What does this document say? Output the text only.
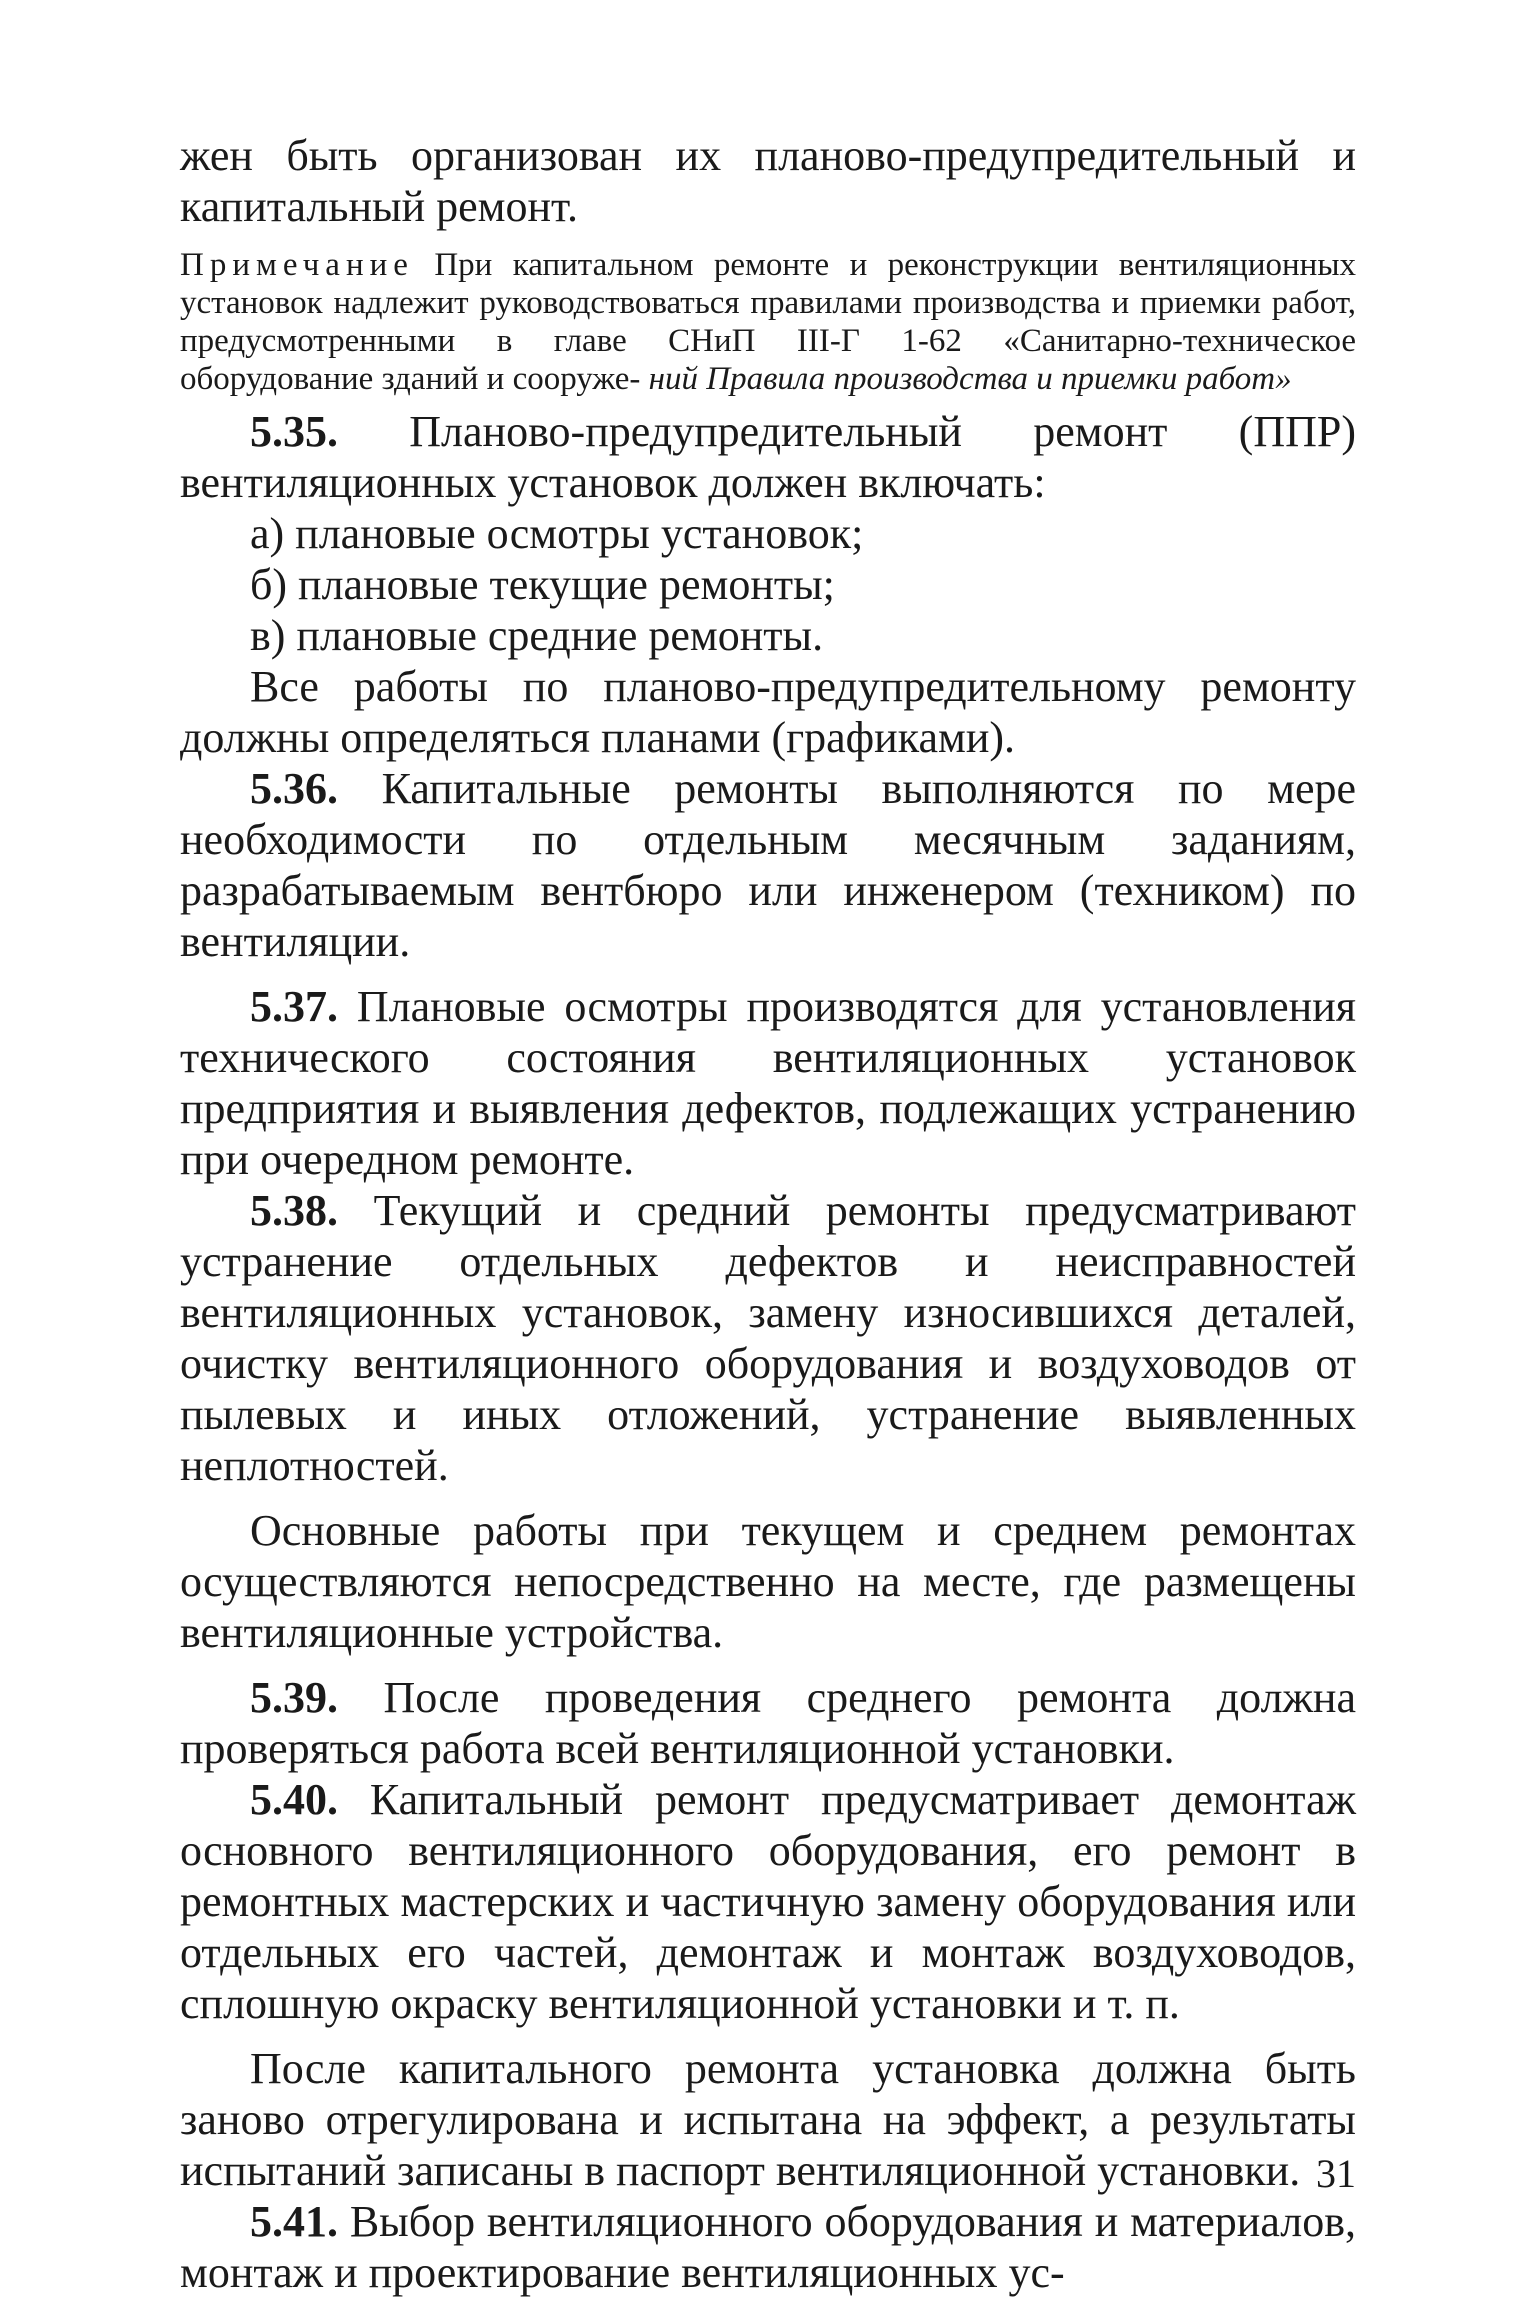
жен быть организован их планово-предупредительный и капитальный ремонт.

Примечание При капитальном ремонте и реконструкции вентиляционных установок надлежит руководствоваться правилами производства и приемки работ, предусмотренными в главе СНиП III-Г 1-62 «Санитарно-техническое оборудование зданий и сооруже- ний Правила производства и приемки работ»

5.35. Планово-предупредительный ремонт (ППР) вентиляционных установок должен включать:

а) плановые осмотры установок;
б) плановые текущие ремонты;
в) плановые средние ремонты.

Все работы по планово-предупредительному ремонту должны определяться планами (графиками).

5.36. Капитальные ремонты выполняются по мере необходимости по отдельным месячным заданиям, разрабатываемым вентбюро или инженером (техником) по вентиляции.

5.37. Плановые осмотры производятся для установления технического состояния вентиляционных установок предприятия и выявления дефектов, подлежащих устранению при очередном ремонте.

5.38. Текущий и средний ремонты предусматривают устранение отдельных дефектов и неисправностей вентиляционных установок, замену износившихся деталей, очистку вентиляционного оборудования и воздуховодов от пылевых и иных отложений, устранение выявленных неплотностей.

Основные работы при текущем и среднем ремонтах осуществляются непосредственно на месте, где размещены вентиляционные устройства.

5.39. После проведения среднего ремонта должна проверяться работа всей вентиляционной установки.

5.40. Капитальный ремонт предусматривает демонтаж основного вентиляционного оборудования, его ремонт в ремонтных мастерских и частичную замену оборудования или отдельных его частей, демонтаж и монтаж воздуховодов, сплошную окраску вентиляционной установки и т. п.

После капитального ремонта установка должна быть заново отрегулирована и испытана на эффект, а результаты испытаний записаны в паспорт вентиляционной установки.

5.41. Выбор вентиляционного оборудования и материалов, монтаж и проектирование вентиляционных ус-

31
